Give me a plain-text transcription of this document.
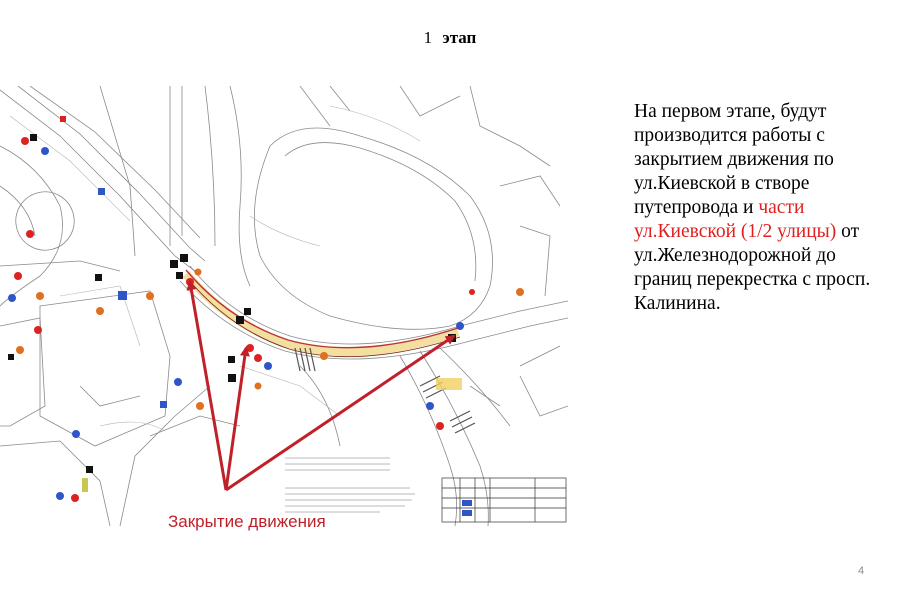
1 этап
Закрытие движения
На первом этапе, будут производится работы с закрытием движения по ул.Киевской в створе путепровода и части ул.Киевской (1/2 улицы) от ул.Железнодорожной до границ перекрестка с просп. Калинина.
4
